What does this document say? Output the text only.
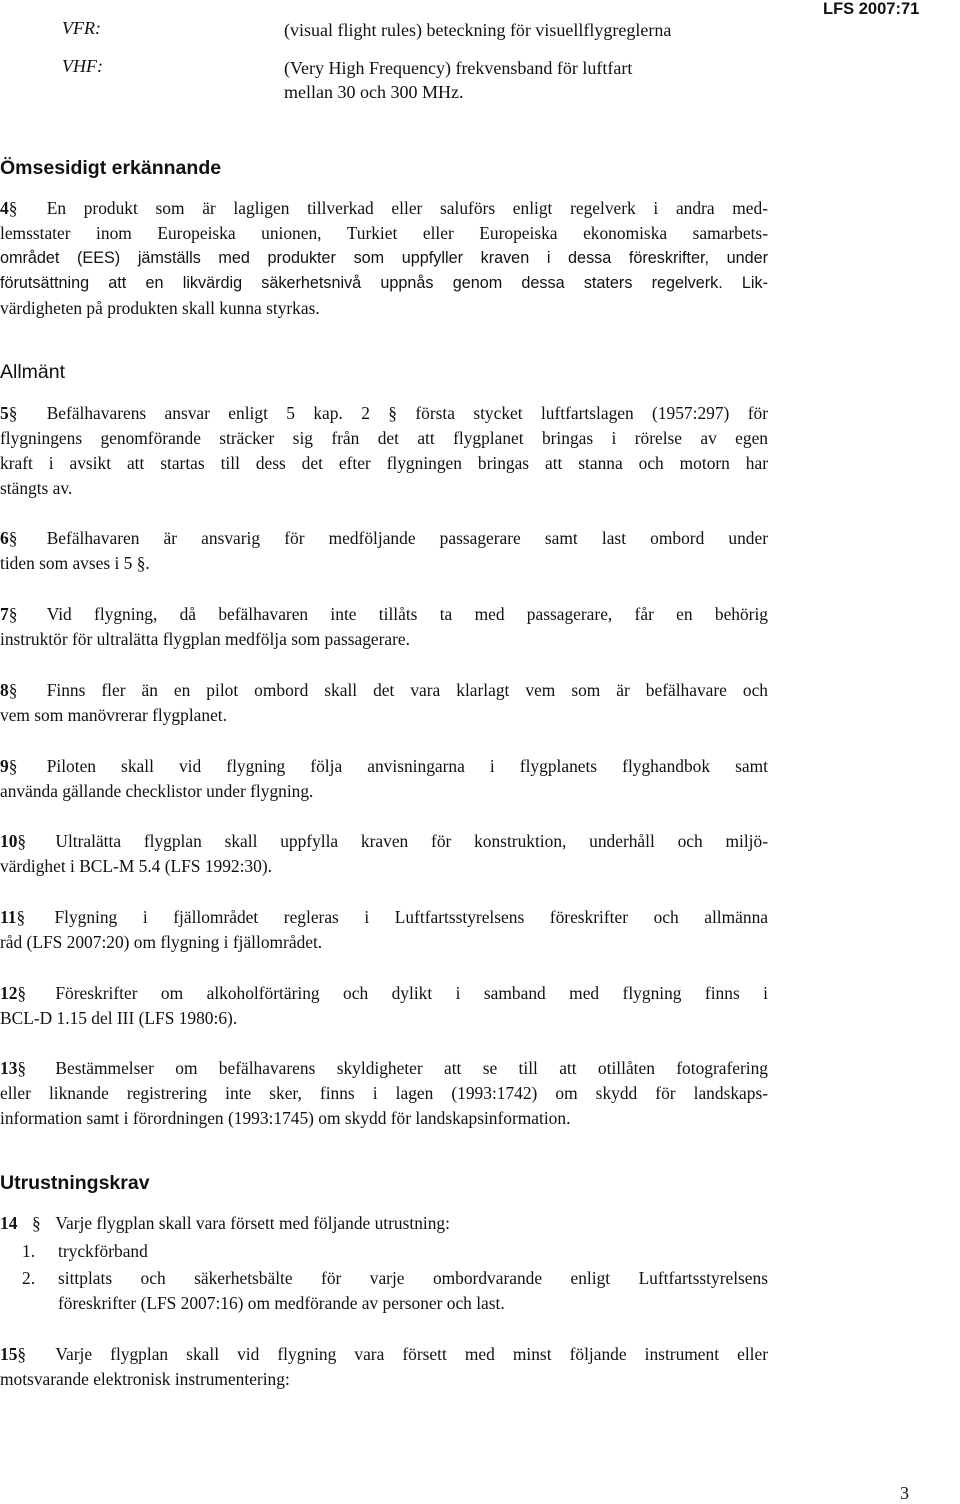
VFR:	(visual flight rules) beteckning för visuellflygreglerna
LFS 2007:71
VHF:	(Very High Frequency) frekvensband för luftfart
mellan 30 och 300 MHz.
Ömsesidigt erkännande
4§ En produkt som är lagligen tillverkad eller saluförs enligt regelverk i andra med-
lemsstater inom Europeiska unionen, Turkiet eller Europeiska ekonomiska samarbets-
området (EES) jämställs med produkter som uppfyller kraven i dessa föreskrifter, under
förutsättning att en likvärdig säkerhetsnivå uppnås genom dessa staters regelverk. Lik-
värdigheten på produkten skall kunna styrkas.
Allmänt
5§ Befälhavarens ansvar enligt 5 kap. 2 § första stycket luftfartslagen (1957:297) för
flygningens genomförande sträcker sig från det att flygplanet bringas i rörelse av egen
kraft i avsikt att startas till dess det efter flygningen bringas att stanna och motorn har
stängts av.
6§ Befälhavaren är ansvarig för medföljande passagerare samt last ombord under
tiden som avses i 5 §.
7§ Vid flygning, då befälhavaren inte tillåts ta med passagerare, får en behörig
instruktör för ultralätta flygplan medfölja som passagerare.
8§ Finns fler än en pilot ombord skall det vara klarlagt vem som är befälhavare och
vem som manövrerar flygplanet.
9§ Piloten skall vid flygning följa anvisningarna i flygplanets flyghandbok samt
använda gällande checklistor under flygning.
10§ Ultralätta flygplan skall uppfylla kraven för konstruktion, underhåll och miljö-
värdighet i BCL-M 5.4 (LFS 1992:30).
11§ Flygning i fjällområdet regleras i Luftfartsstyrelsens föreskrifter och allmänna
råd (LFS 2007:20) om flygning i fjällområdet.
12§ Föreskrifter om alkoholförtäring och dylikt i samband med flygning finns i
BCL-D 1.15 del III (LFS 1980:6).
13§ Bestämmelser om befälhavarens skyldigheter att se till att otillåten fotografering
eller liknande registrering inte sker, finns i lagen (1993:1742) om skydd för landskaps-
information samt i förordningen (1993:1745) om skydd för landskapsinformation.
Utrustningskrav
14 § Varje flygplan skall vara försett med följande utrustning:
1. tryckförband
2. sittplats och säkerhetsbälte för varje ombordvarande enligt Luftfartsstyrelsens
föreskrifter (LFS 2007:16) om medförande av personer och last.
15§ Varje flygplan skall vid flygning vara försett med minst följande instrument eller
motsvarande elektronisk instrumentering:
3
